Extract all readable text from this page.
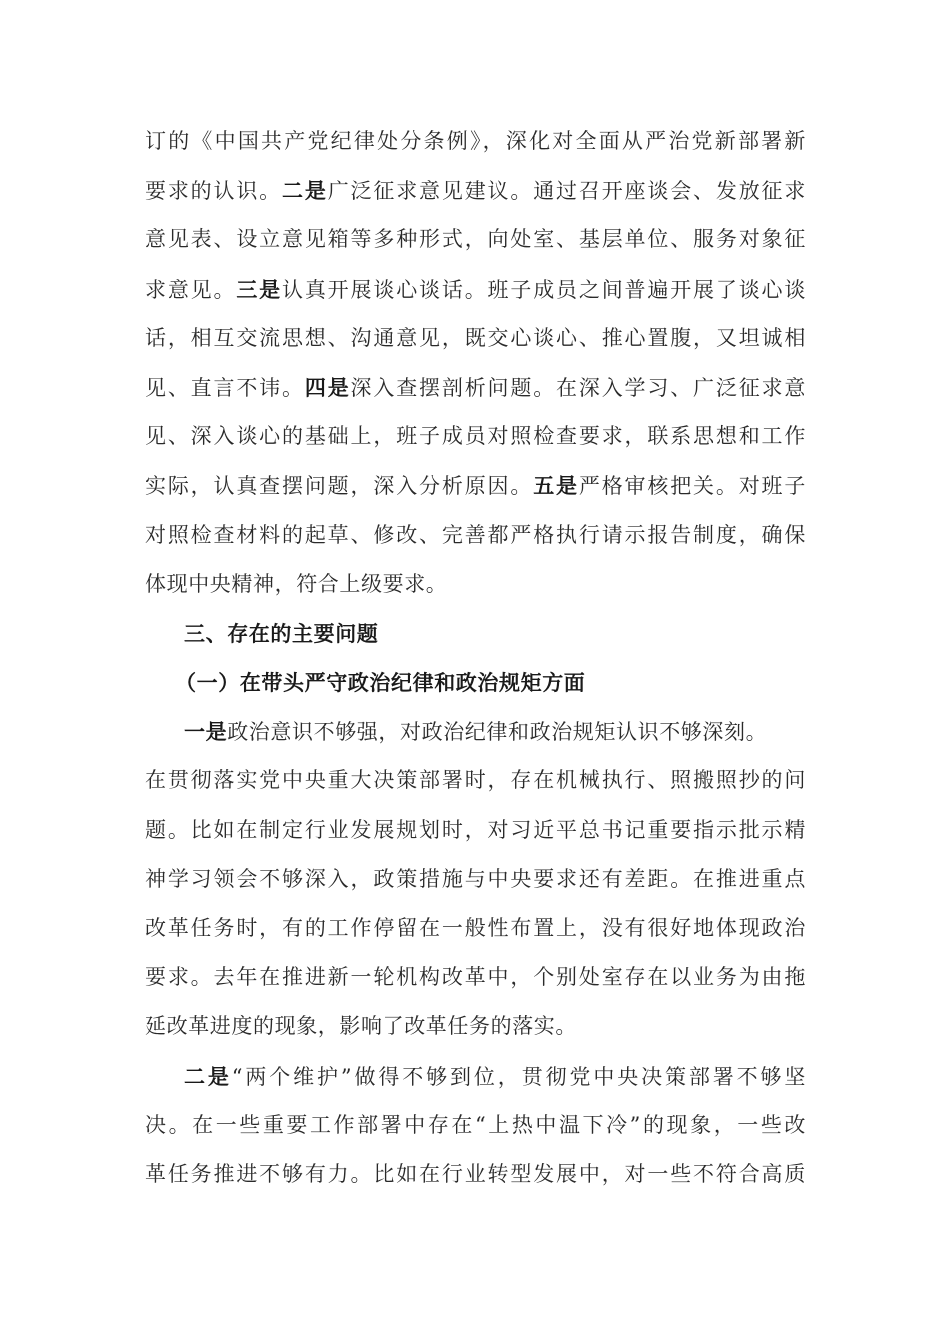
订的《中国共产党纪律处分条例》，深化对全面从严治党新部署新
要求的认识。二是广泛征求意见建议。通过召开座谈会、发放征求
意见表、设立意见箱等多种形式，向处室、基层单位、服务对象征
求意见。三是认真开展谈心谈话。班子成员之间普遍开展了谈心谈
话，相互交流思想、沟通意见，既交心谈心、推心置腹，又坦诚相
见、直言不讳。四是深入查摆剖析问题。在深入学习、广泛征求意
见、深入谈心的基础上，班子成员对照检查要求，联系思想和工作
实际，认真查摆问题，深入分析原因。五是严格审核把关。对班子
对照检查材料的起草、修改、完善都严格执行请示报告制度，确保
体现中央精神，符合上级要求。
三、存在的主要问题
（一）在带头严守政治纪律和政治规矩方面
一是政治意识不够强，对政治纪律和政治规矩认识不够深刻。
在贯彻落实党中央重大决策部署时，存在机械执行、照搬照抄的问
题。比如在制定行业发展规划时，对习近平总书记重要指示批示精
神学习领会不够深入，政策措施与中央要求还有差距。在推进重点
改革任务时，有的工作停留在一般性布置上，没有很好地体现政治
要求。去年在推进新一轮机构改革中，个别处室存在以业务为由拖
延改革进度的现象，影响了改革任务的落实。
二是“两个维护”做得不够到位，贯彻党中央决策部署不够坚
决。在一些重要工作部署中存在“上热中温下冷”的现象，一些改
革任务推进不够有力。比如在行业转型发展中，对一些不符合高质
